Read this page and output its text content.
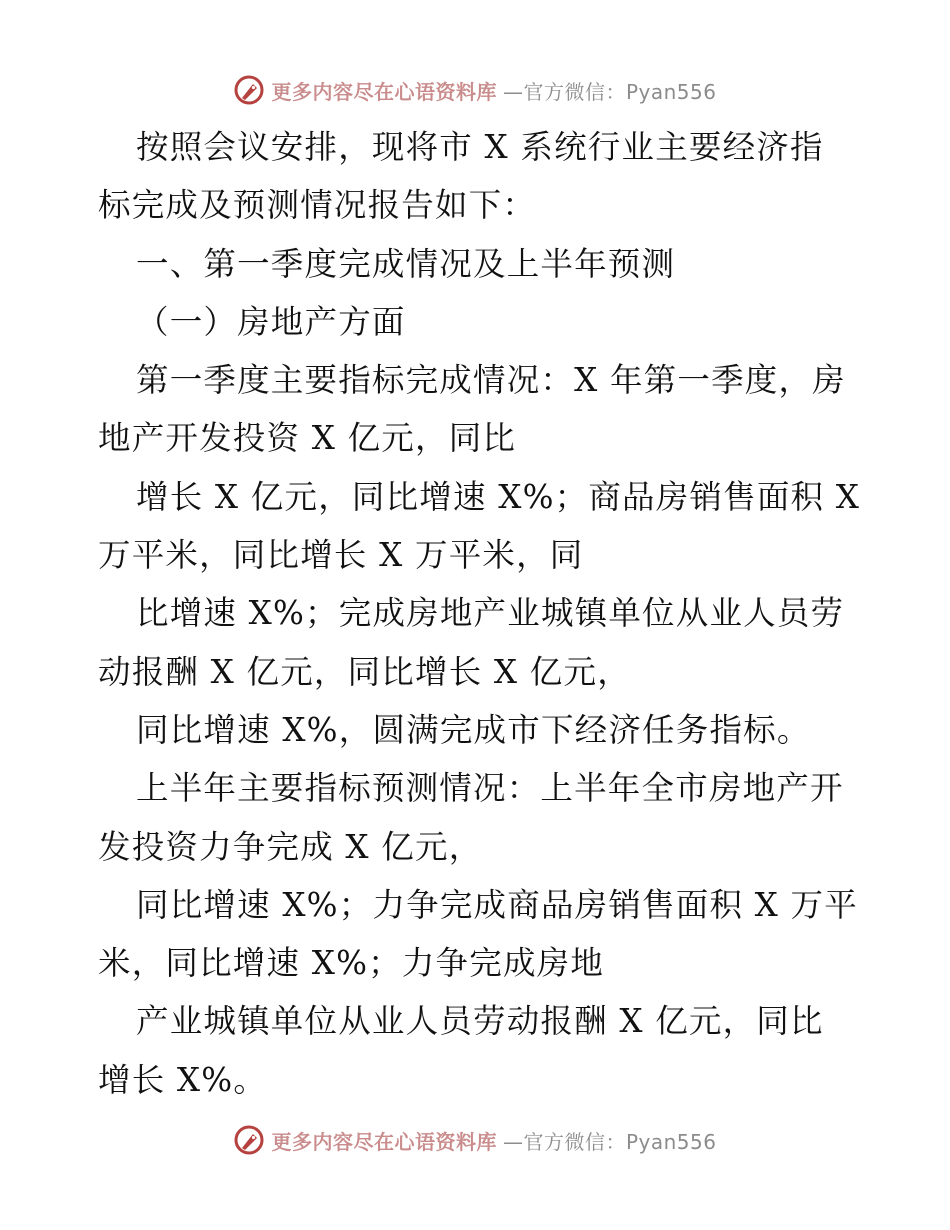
更多内容尽在心语资料库 —官方微信：Pyan556
按照会议安排，现将市 X 系统行业主要经济指
标完成及预测情况报告如下：
一、第一季度完成情况及上半年预测
（一）房地产方面
第一季度主要指标完成情况：X 年第一季度，房
地产开发投资 X 亿元，同比
增长 X 亿元，同比增速 X%；商品房销售面积 X
万平米，同比增长 X 万平米，同
比增速 X%；完成房地产业城镇单位从业人员劳
动报酬 X 亿元，同比增长 X 亿元，
同比增速 X%，圆满完成市下经济任务指标。
上半年主要指标预测情况：上半年全市房地产开
发投资力争完成 X 亿元，
同比增速 X%；力争完成商品房销售面积 X 万平
米，同比增速 X%；力争完成房地
产业城镇单位从业人员劳动报酬 X 亿元，同比
增长 X%。
更多内容尽在心语资料库 —官方微信：Pyan556
